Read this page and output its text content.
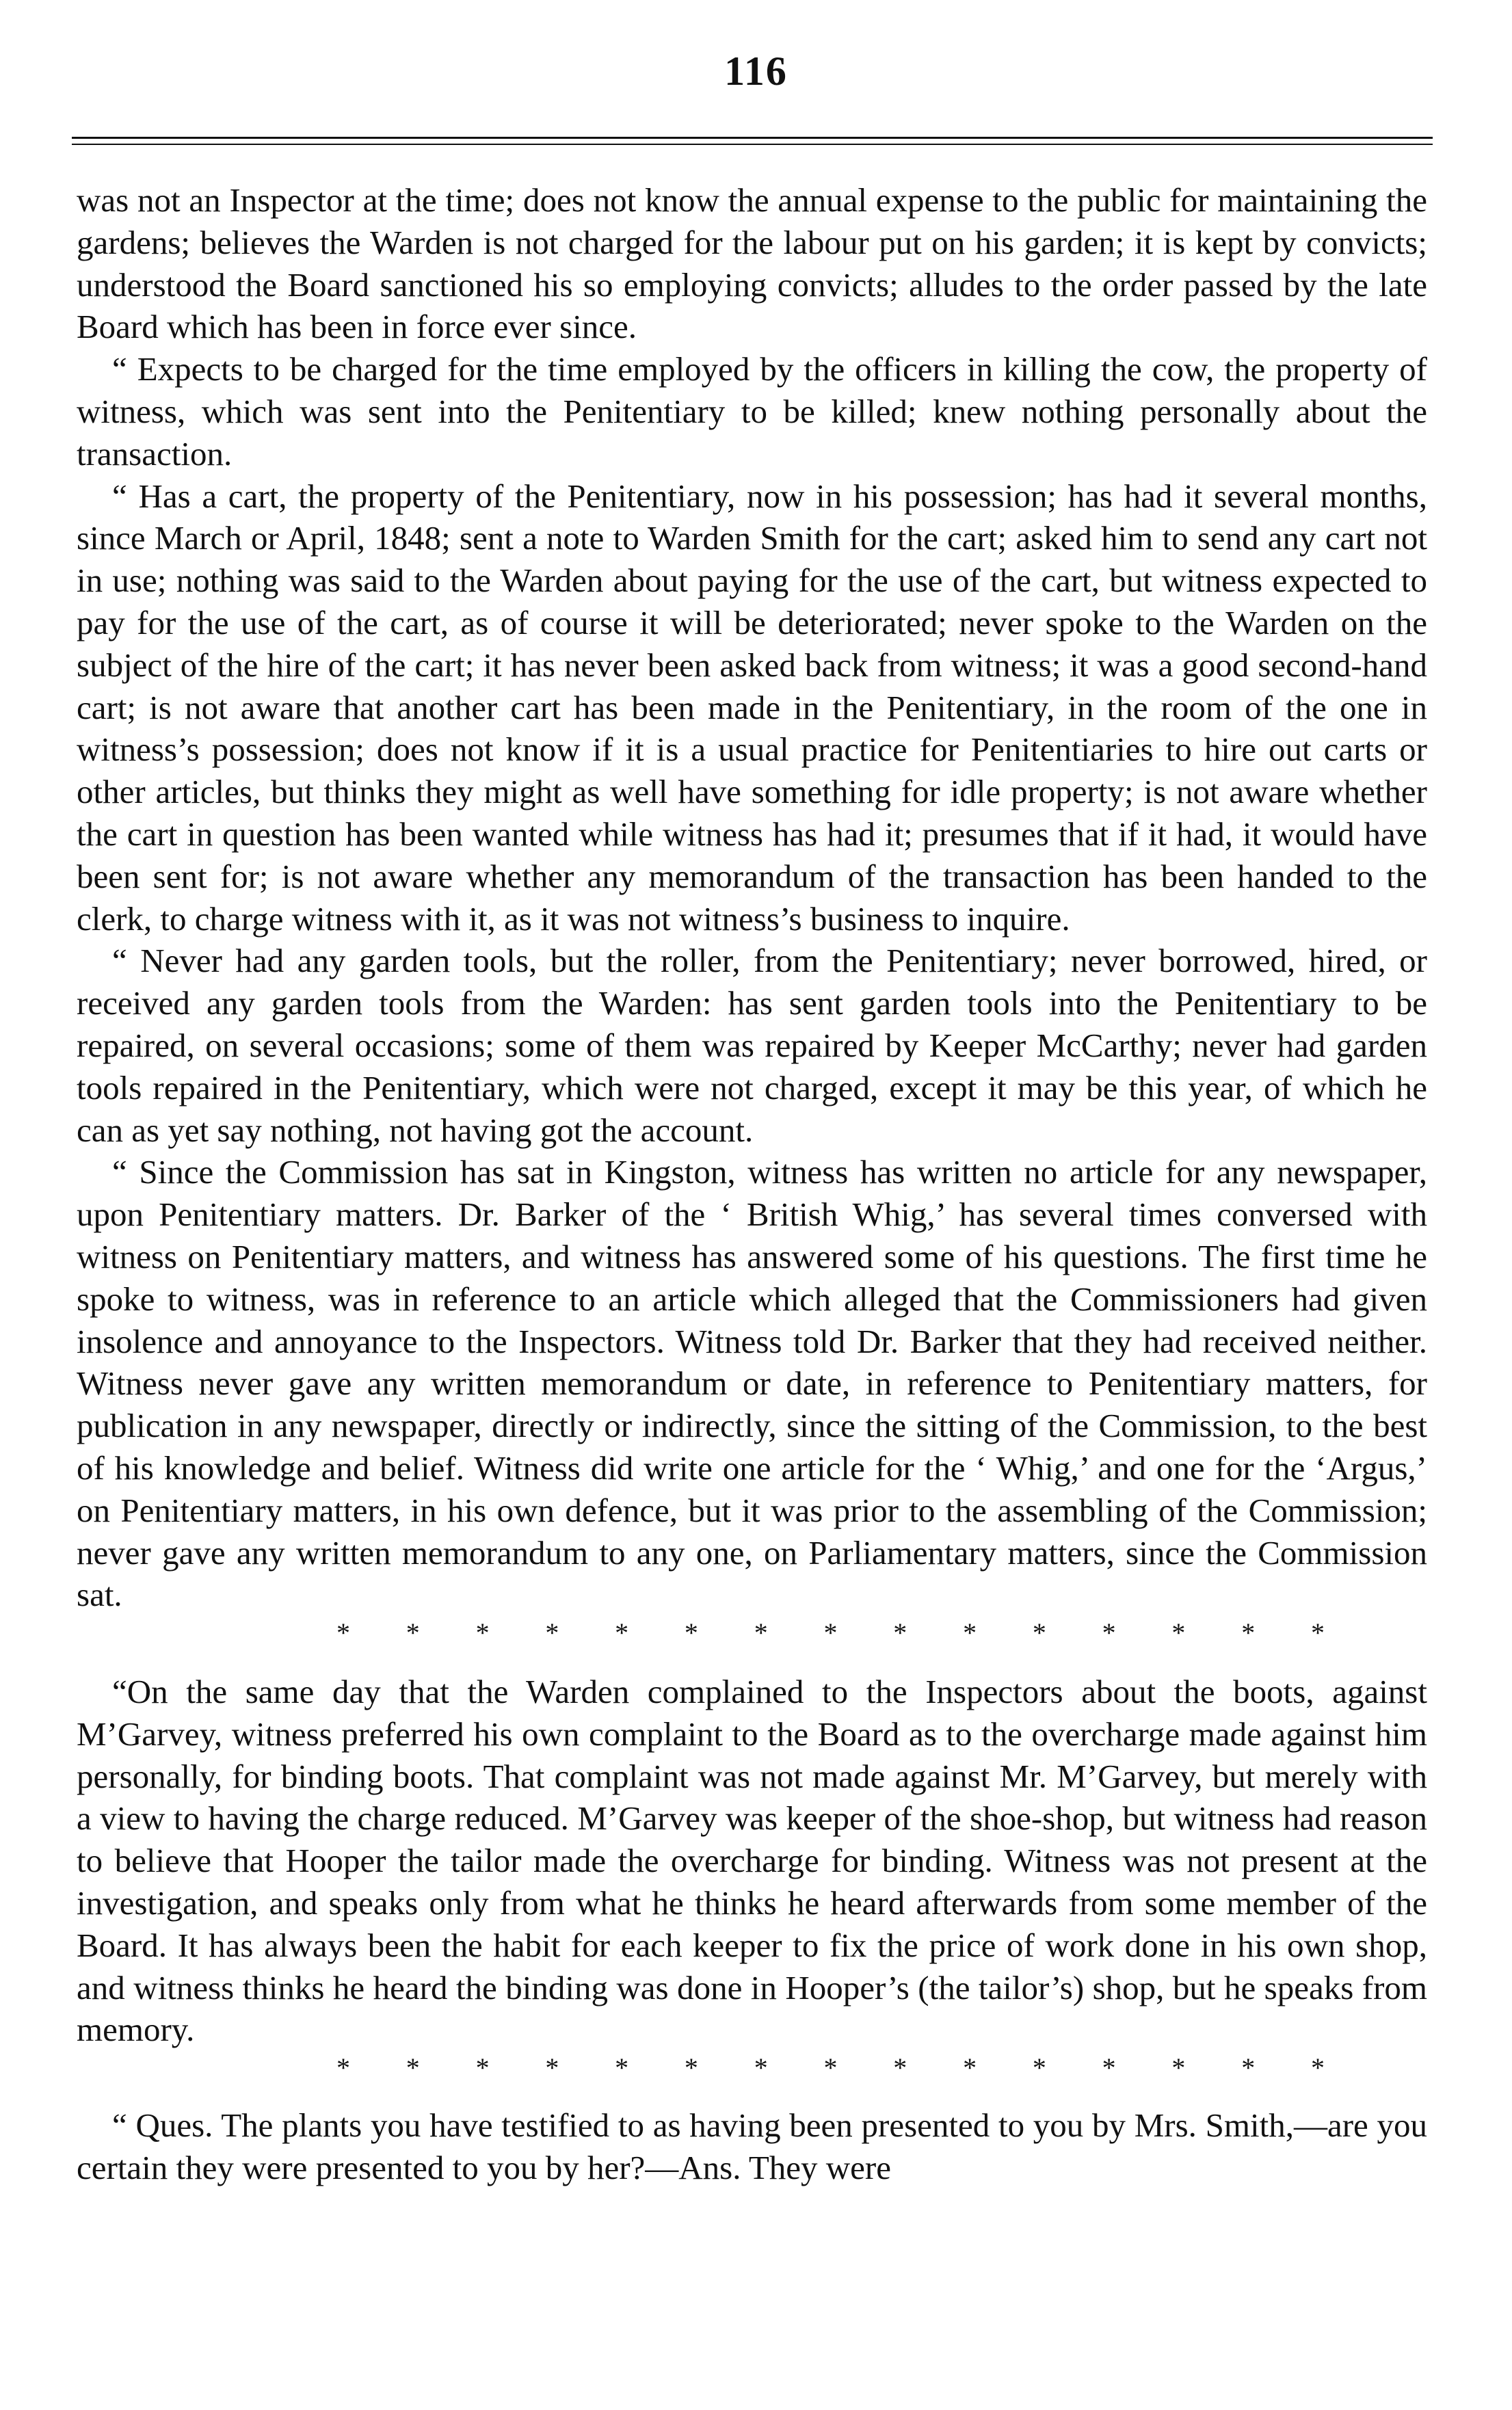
116

was not an Inspector at the time; does not know the annual expense to the public for maintaining the gardens; believes the Warden is not charged for the labour put on his garden; it is kept by convicts; understood the Board sanctioned his so employing convicts; alludes to the order passed by the late Board which has been in force ever since.

“ Expects to be charged for the time employed by the officers in killing the cow, the property of witness, which was sent into the Penitentiary to be killed; knew nothing personally about the transaction.

“ Has a cart, the property of the Penitentiary, now in his possession; has had it several months, since March or April, 1848; sent a note to Warden Smith for the cart; asked him to send any cart not in use; nothing was said to the Warden about paying for the use of the cart, but witness expected to pay for the use of the cart, as of course it will be deteriorated; never spoke to the Warden on the subject of the hire of the cart; it has never been asked back from witness; it was a good second-hand cart; is not aware that another cart has been made in the Penitentiary, in the room of the one in witness’s possession; does not know if it is a usual practice for Penitentiaries to hire out carts or other articles, but thinks they might as well have something for idle property; is not aware whether the cart in question has been wanted while witness has had it; presumes that if it had, it would have been sent for; is not aware whether any memorandum of the transaction has been handed to the clerk, to charge witness with it, as it was not witness’s business to inquire.

“ Never had any garden tools, but the roller, from the Penitentiary; never borrowed, hired, or received any garden tools from the Warden: has sent garden tools into the Penitentiary to be repaired, on several occasions; some of them was repaired by Keeper McCarthy; never had garden tools repaired in the Penitentiary, which were not charged, except it may be this year, of which he can as yet say nothing, not having got the account.

“ Since the Commission has sat in Kingston, witness has written no article for any newspaper, upon Penitentiary matters. Dr. Barker of the ‘ British Whig,’ has several times conversed with witness on Penitentiary matters, and witness has answered some of his questions. The first time he spoke to witness, was in reference to an article which alleged that the Commissioners had given insolence and annoyance to the Inspectors. Witness told Dr. Barker that they had received neither. Witness never gave any written memorandum or date, in reference to Penitentiary matters, for publication in any newspaper, directly or indirectly, since the sitting of the Commission, to the best of his knowledge and belief. Witness did write one article for the ‘ Whig,’ and one for the ‘Argus,’ on Penitentiary matters, in his own defence, but it was prior to the assembling of the Commission; never gave any written memorandum to any one, on Parliamentary matters, since the Commission sat.

* * * * * * * * * * * * * * *

“On the same day that the Warden complained to the Inspectors about the boots, against M’Garvey, witness preferred his own complaint to the Board as to the overcharge made against him personally, for binding boots. That complaint was not made against Mr. M’Garvey, but merely with a view to having the charge reduced. M’Garvey was keeper of the shoe-shop, but witness had reason to believe that Hooper the tailor made the overcharge for binding. Witness was not present at the investigation, and speaks only from what he thinks he heard afterwards from some member of the Board. It has always been the habit for each keeper to fix the price of work done in his own shop, and witness thinks he heard the binding was done in Hooper’s (the tailor’s) shop, but he speaks from memory.

* * * * * * * * * * * * * * *

“ Ques. The plants you have testified to as having been presented to you by Mrs. Smith,—are you certain they were presented to you by her?—Ans. They were
